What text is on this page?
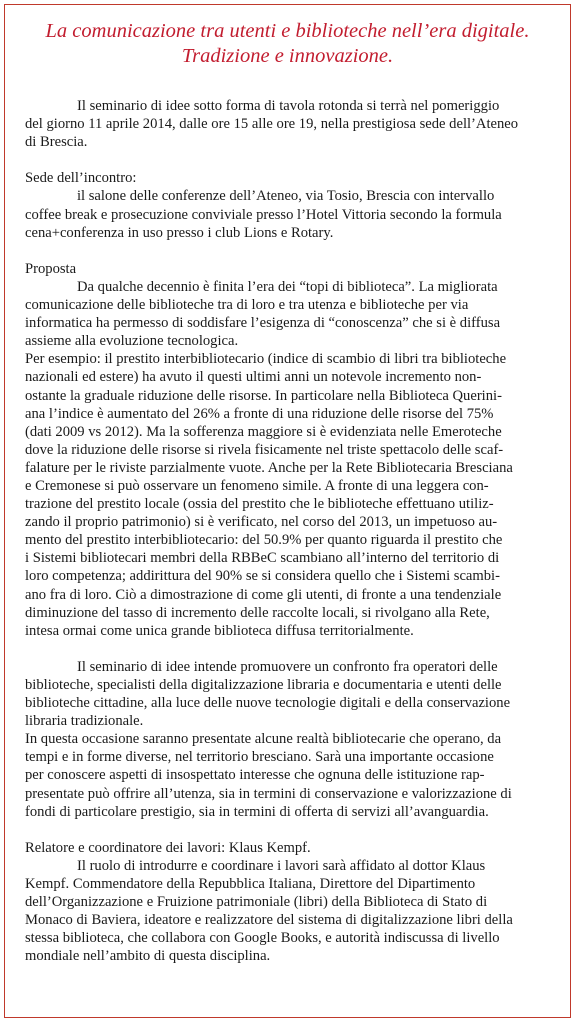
La comunicazione tra utenti e biblioteche nell’era digitale.
Tradizione e innovazione.
Il seminario di idee sotto forma di tavola rotonda si terrà nel pomeriggio
del giorno 11 aprile 2014, dalle ore 15 alle ore 19, nella prestigiosa sede dell’Ateneo
di Brescia.
Sede dell’incontro:
il salone delle conferenze dell’Ateneo, via Tosio, Brescia con intervallo
coffee break e prosecuzione conviviale presso l’Hotel Vittoria secondo la formula
cena+conferenza in uso presso i club Lions e Rotary.
Proposta
Da qualche decennio è finita l’era dei “topi di biblioteca”. La migliorata
comunicazione delle biblioteche tra di loro e tra utenza e biblioteche per via
informatica ha permesso di soddisfare l’esigenza di “conoscenza” che si è diffusa
assieme alla evoluzione tecnologica.
Per esempio: il prestito interbibliotecario (indice di scambio di libri tra biblioteche
nazionali ed estere) ha avuto il questi ultimi anni un notevole incremento non-
ostante la graduale riduzione delle risorse. In particolare nella Biblioteca Querini-
ana l’indice è aumentato del 26% a fronte di una riduzione delle risorse del 75%
(dati 2009 vs 2012). Ma la sofferenza maggiore si è evidenziata nelle Emeroteche
dove la riduzione delle risorse si rivela fisicamente nel triste spettacolo delle scaf-
falature per le riviste parzialmente vuote. Anche per la Rete Bibliotecaria Bresciana
e Cremonese si può osservare un fenomeno simile. A fronte di una leggera con-
trazione del prestito locale (ossia del prestito che le biblioteche effettuano utiliz-
zando il proprio patrimonio) si è verificato, nel corso del 2013, un impetuoso au-
mento del prestito interbibliotecario: del 50.9% per quanto riguarda il prestito che
i Sistemi bibliotecari membri della RBBeC scambiano all’interno del territorio di
loro competenza; addirittura del 90% se si considera quello che i Sistemi scambi-
ano fra di loro. Ciò a dimostrazione di come gli utenti, di fronte a una tendenziale
diminuzione del tasso di incremento delle raccolte locali, si rivolgano alla Rete,
intesa ormai come unica grande biblioteca diffusa territorialmente.
Il seminario di idee intende promuovere un confronto fra operatori delle
biblioteche, specialisti della digitalizzazione libraria e documentaria e utenti delle
biblioteche cittadine, alla luce delle nuove tecnologie digitali e della conservazione
libraria tradizionale.
In questa occasione saranno presentate alcune realtà bibliotecarie che operano, da
tempi e in forme diverse, nel territorio bresciano. Sarà una importante occasione
per conoscere aspetti di insospettato interesse che ognuna delle istituzione rap-
presentate può offrire all’utenza, sia in termini di conservazione e valorizzazione di
fondi di particolare prestigio, sia in termini di offerta di servizi all’avanguardia.
Relatore e coordinatore dei lavori: Klaus Kempf.
Il ruolo di introdurre e coordinare i lavori sarà affidato al dottor Klaus
Kempf. Commendatore della Repubblica Italiana, Direttore del Dipartimento
dell’Organizzazione e Fruizione patrimoniale (libri) della Biblioteca di Stato di
Monaco di Baviera, ideatore e realizzatore del sistema di digitalizzazione libri della
stessa biblioteca, che collabora con Google Books, e autorità indiscussa di livello
mondiale nell’ambito di questa disciplina.
